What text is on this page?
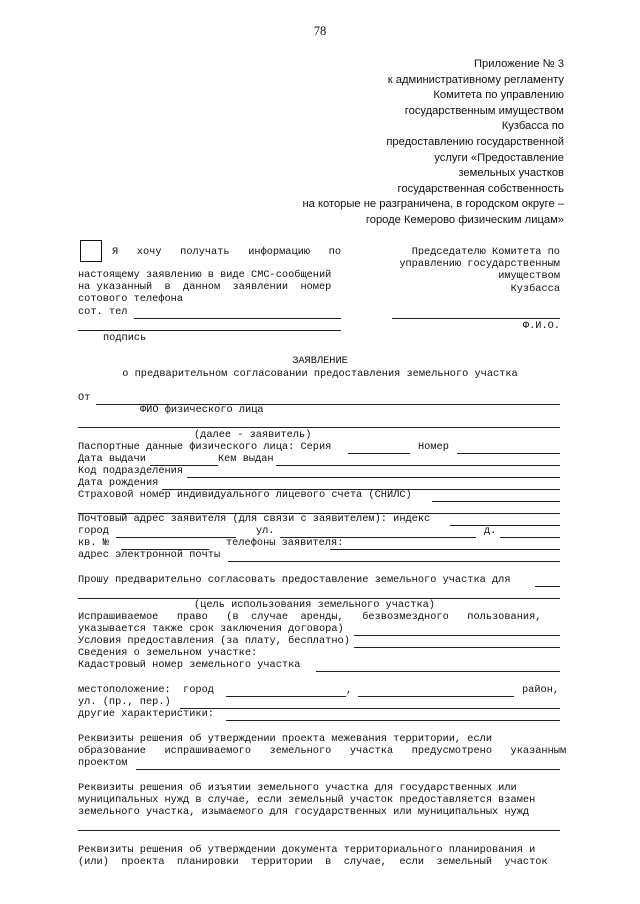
78
Приложение № 3
к административному регламенту
Комитета по управлению
государственным имуществом
Кузбасса по
предоставлению государственной
услуги «Предоставление
земельных участков
государственная собственность
на которые не разграничена, в городском округе –
городе Кемерово физическим лицам»
Я хочу получать информацию по
настоящему заявлению в виде СМС-сообщений
на указанный  в  данном  заявлении  номер
сотового телефона
сот. тел
подпись
Председателю Комитета по
управлению государственным
имуществом
Кузбасса
Ф.И.О.
ЗАЯВЛЕНИЕ
о предварительном согласовании предоставления земельного участка
От
ФИО физического лица
(далее - заявитель)
Паспортные данные физического лица: Серия	Номер
Дата выдачи	Кем выдан
Код подразделения
Дата рождения
Страховой номер индивидуального лицевого счета (СНИЛС)
Почтовый адрес заявителя (для связи с заявителем): индекс
город	ул.	д.
кв. №	телефоны заявителя:
адрес электронной почты
Прошу предварительно согласовать предоставление земельного участка для
(цель использования земельного участка)
Испрашиваемое   право   (в  случае  аренды,   безвозмездного   пользования,
указывается также срок заключения договора)
Условия предоставления (за плату, бесплатно)
Сведения о земельном участке:
Кадастровый номер земельного участка
местоположение:  город	,	район,
ул. (пр., пер.)
другие характеристики:
Реквизиты решения об утверждении проекта межевания территории, если
образование   испрашиваемого   земельного   участка   предусмотрено   указанным
проектом
Реквизиты решения об изъятии земельного участка для государственных или
муниципальных нужд в случае, если земельный участок предоставляется взамен
земельного участка, изымаемого для государственных или муниципальных нужд
Реквизиты решения об утверждении документа территориального планирования и
(или)  проекта  планировки  территории  в  случае,  если  земельный  участок
